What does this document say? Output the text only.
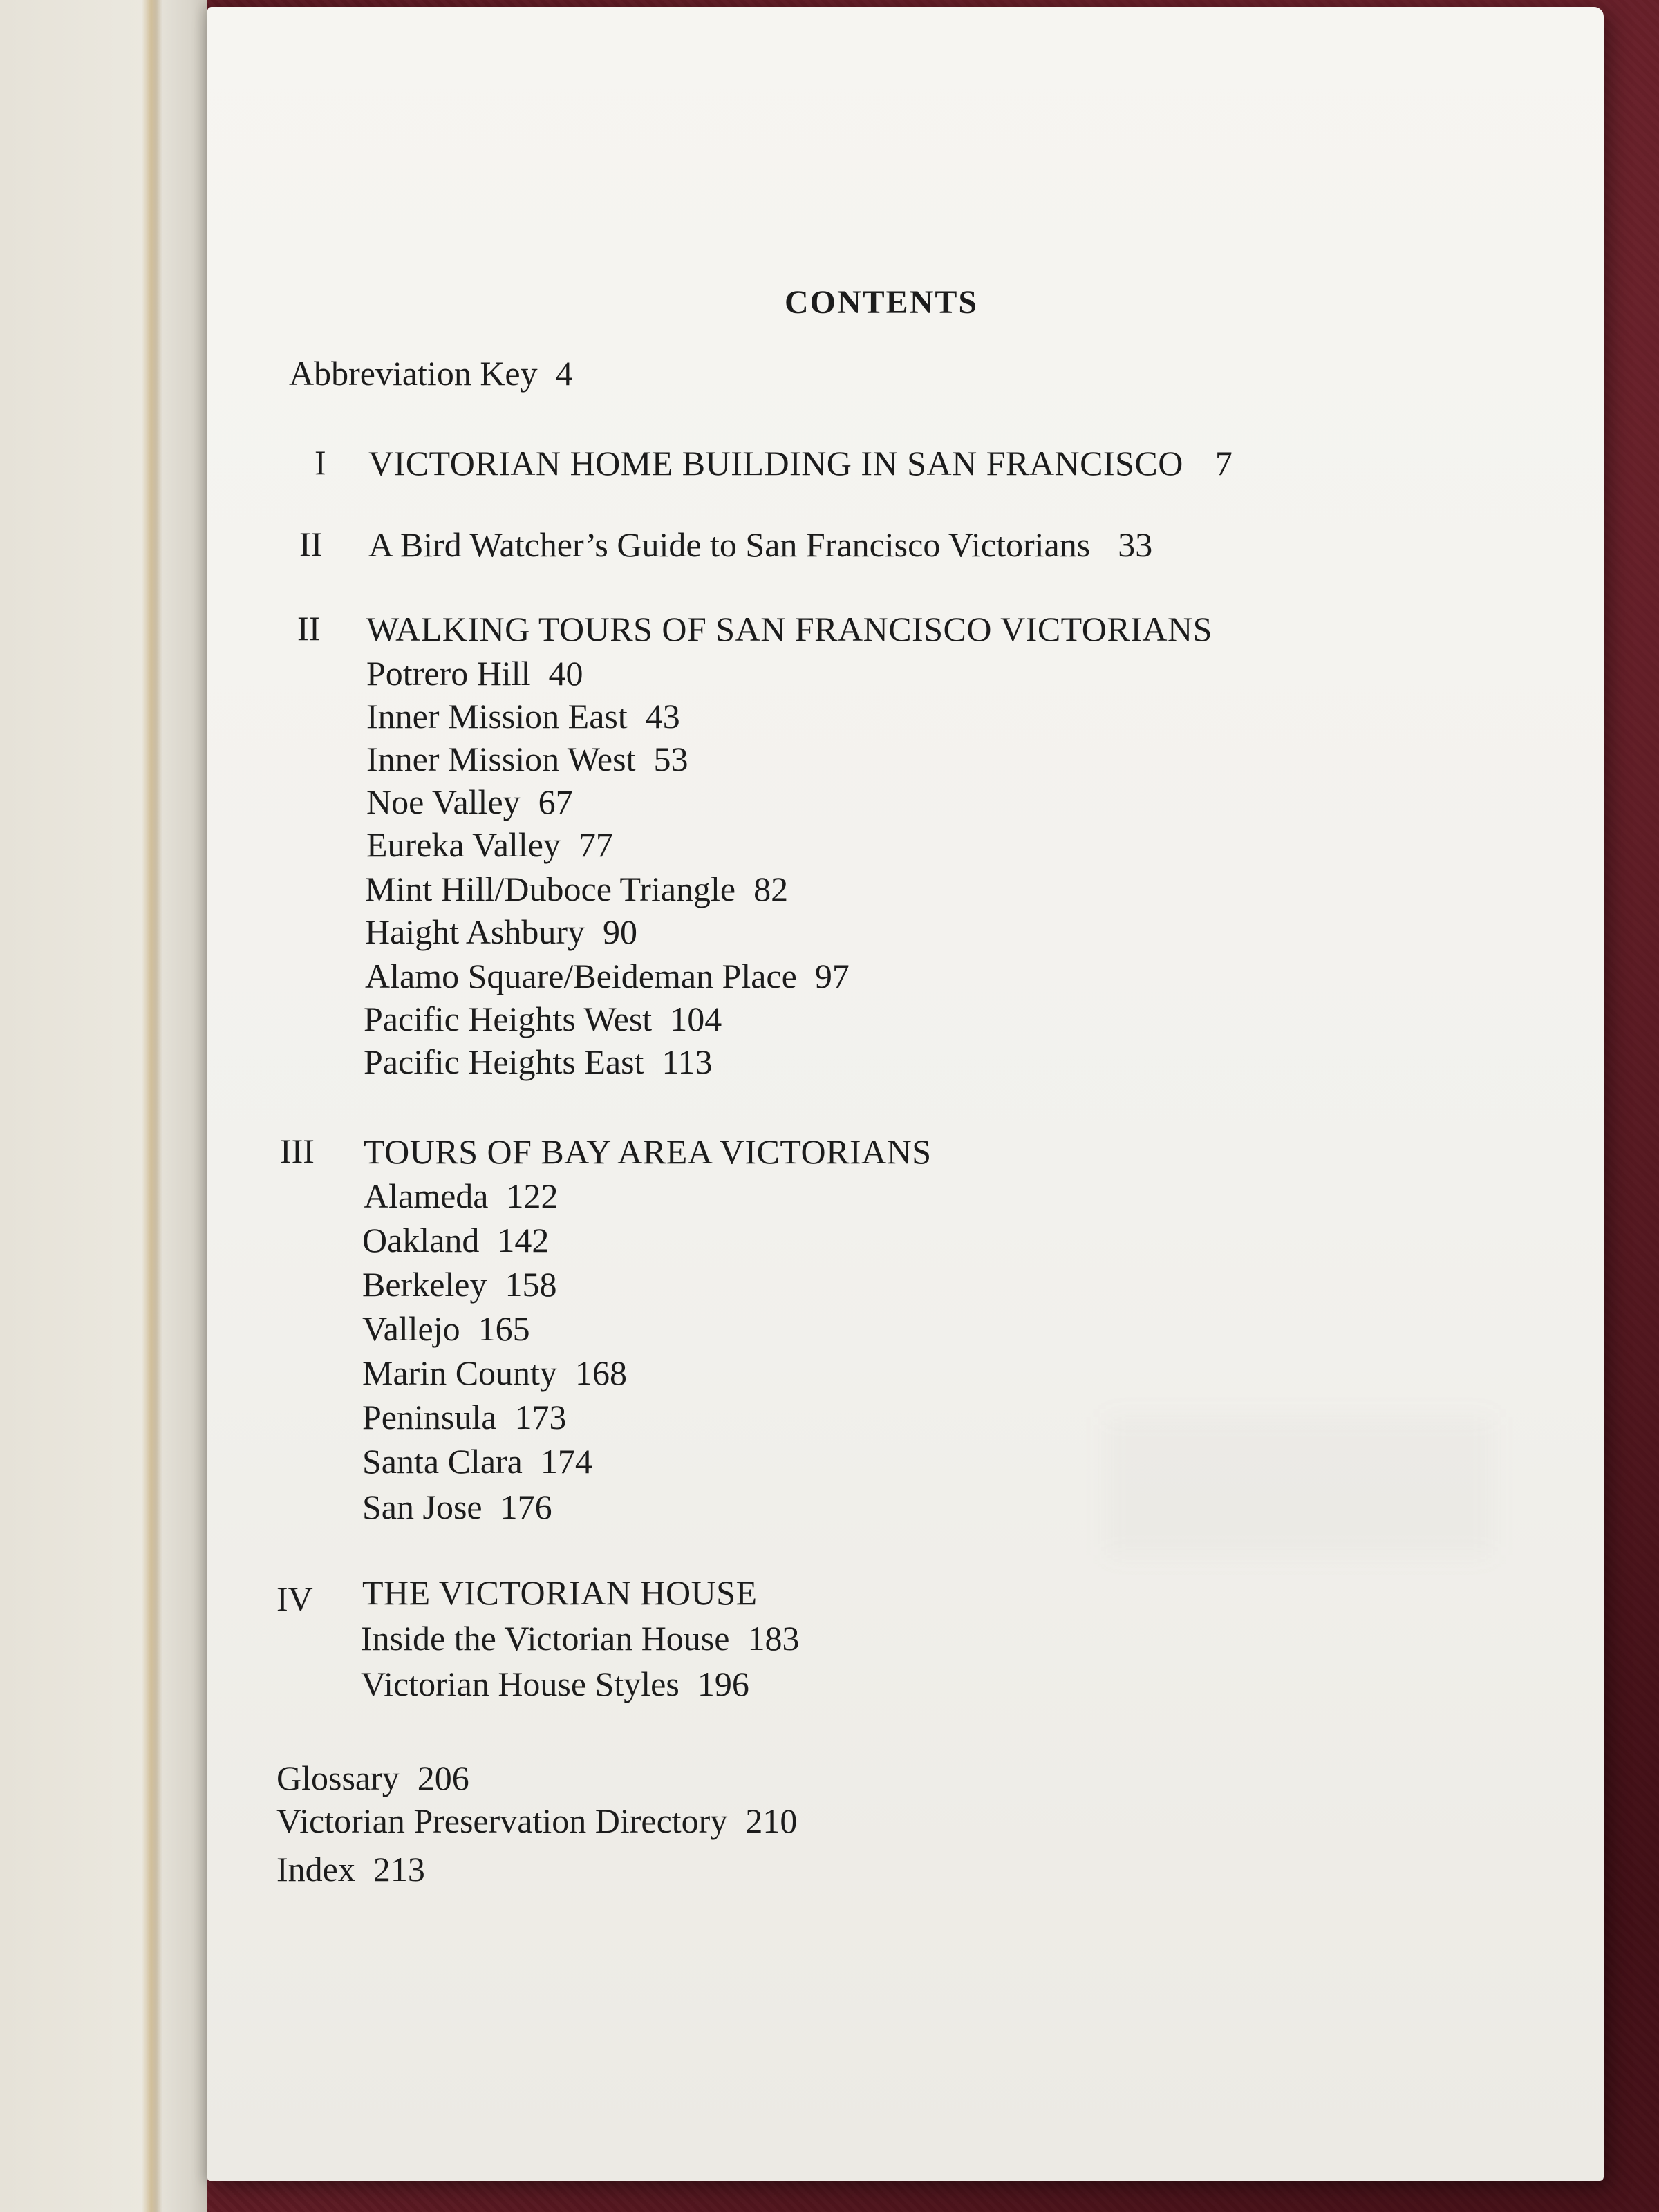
CONTENTS
Abbreviation Key 4
I VICTORIAN HOME BUILDING IN SAN FRANCISCO 7
II A Bird Watcher’s Guide to San Francisco Victorians 33
II WALKING TOURS OF SAN FRANCISCO VICTORIANS
Potrero Hill 40
Inner Mission East 43
Inner Mission West 53
Noe Valley 67
Eureka Valley 77
Mint Hill/Duboce Triangle 82
Haight Ashbury 90
Alamo Square/Beideman Place 97
Pacific Heights West 104
Pacific Heights East 113
III TOURS OF BAY AREA VICTORIANS
Alameda 122
Oakland 142
Berkeley 158
Vallejo 165
Marin County 168
Peninsula 173
Santa Clara 174
San Jose 176
IV THE VICTORIAN HOUSE
Inside the Victorian House 183
Victorian House Styles 196
Glossary 206
Victorian Preservation Directory 210
Index 213
